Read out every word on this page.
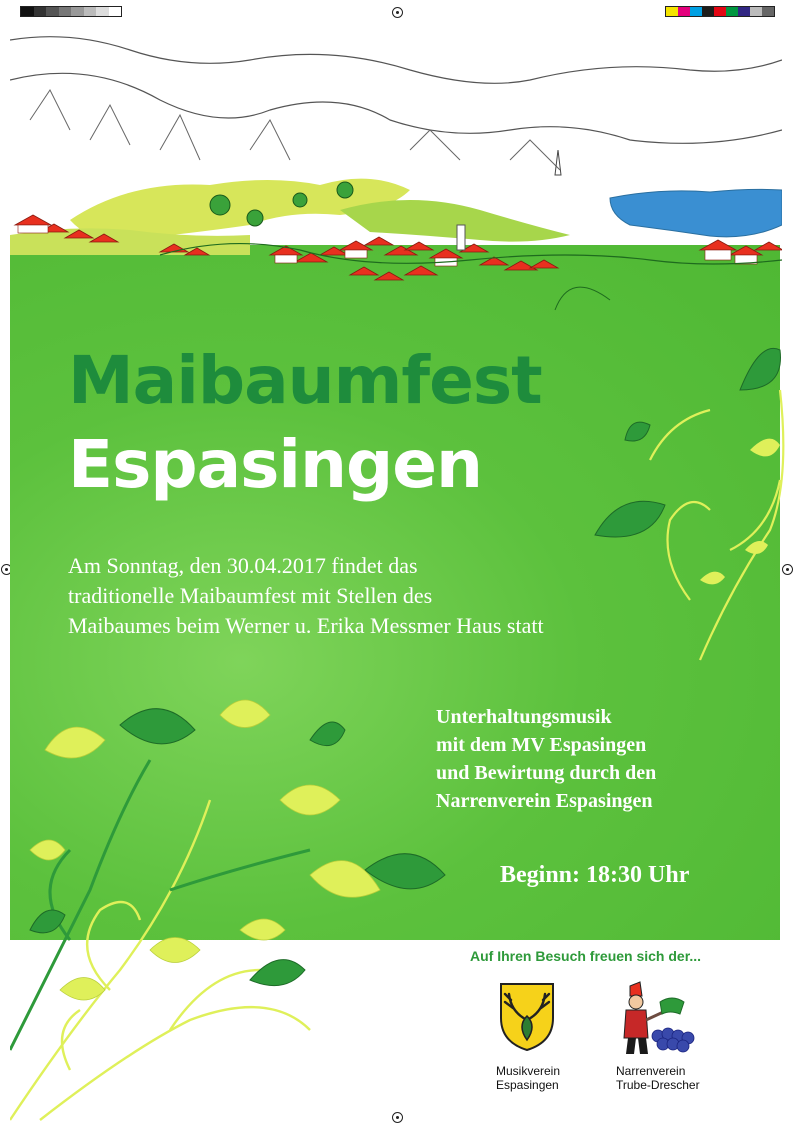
Maibaumfest
Espasingen
Am Sonntag, den 30.04.2017 findet das
traditionelle Maibaumfest mit Stellen des
Maibaumes beim Werner u. Erika Messmer Haus statt
Unterhaltungsmusik
mit dem MV Espasingen
und Bewirtung durch den
Narrenverein Espasingen
Beginn: 18:30 Uhr
Auf Ihren Besuch freuen sich der...
Musikverein
Espasingen
Narrenverein
Trube-Drescher
